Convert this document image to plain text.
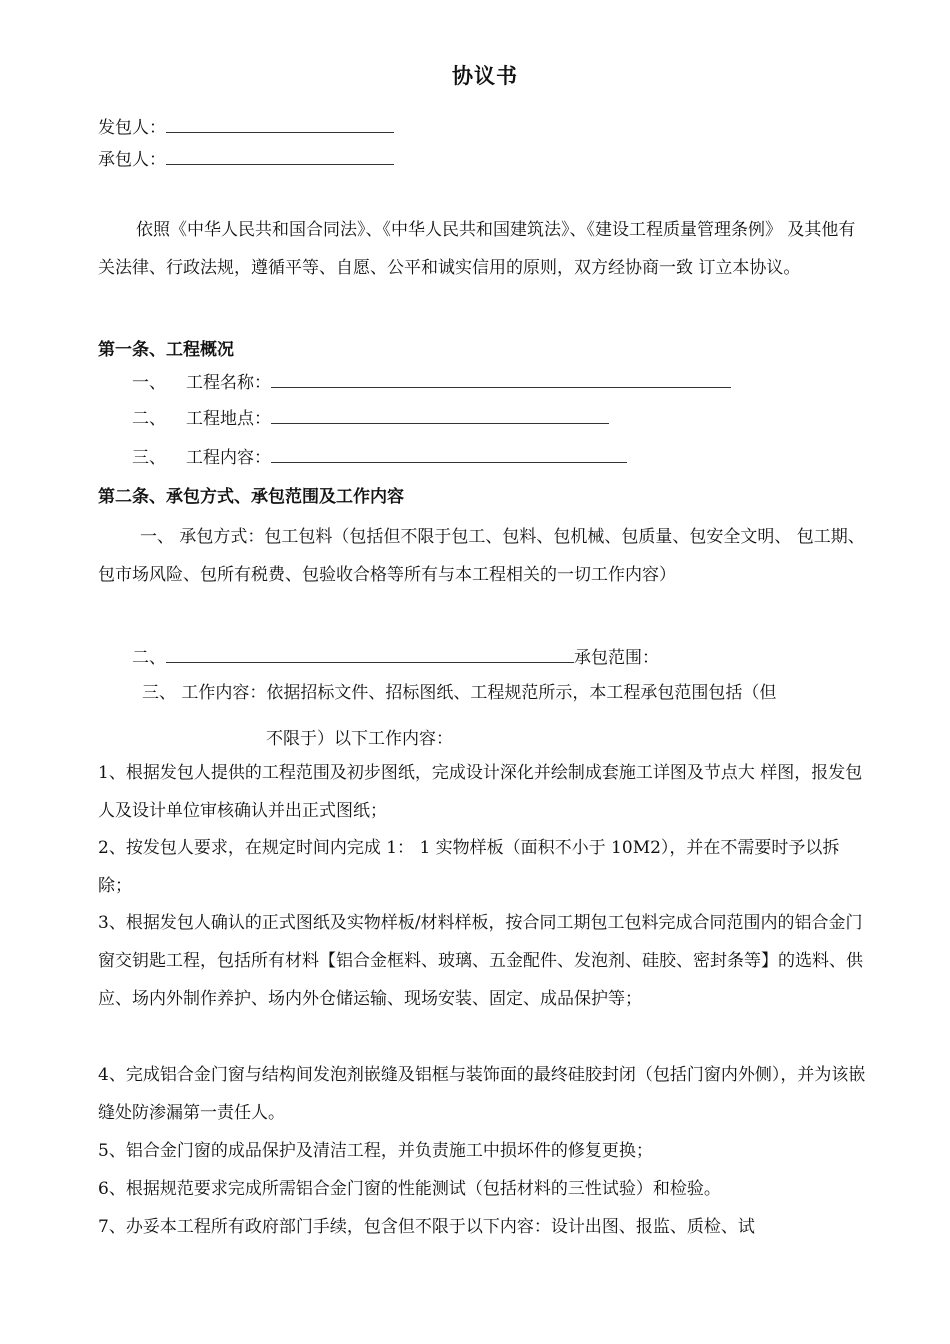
协议书
发包人：
承包人：
依照《中华人民共和国合同法》、《中华人民共和国建筑法》、《建设工程质量管理条例》 及其他有关法律、行政法规，遵循平等、自愿、公平和诚实信用的原则，双方经协商一致 订立本协议。
第一条、工程概况
一、 工程名称：
二、 工程地点：
三、 工程内容：
第二条、承包方式、承包范围及工作内容
一、 承包方式：包工包料（包括但不限于包工、包料、包机械、包质量、包安全文明、 包工期、包市场风险、包所有税费、包验收合格等所有与本工程相关的一切工作内容）
二、	承包范围：
三、 工作内容：依据招标文件、招标图纸、工程规范所示，本工程承包范围包括（但
不限于）以下工作内容：
1、根据发包人提供的工程范围及初步图纸，完成设计深化并绘制成套施工详图及节点大 样图，报发包人及设计单位审核确认并出正式图纸；
2、按发包人要求，在规定时间内完成 1： 1 实物样板（面积不小于 10M2），并在不需要时予以拆除；
3、根据发包人确认的正式图纸及实物样板/材料样板，按合同工期包工包料完成合同范围内的铝合金门窗交钥匙工程，包括所有材料【铝合金框料、玻璃、五金配件、发泡剂、硅胶、密封条等】的选料、供应、场内外制作养护、场内外仓储运输、现场安装、固定、成品保护等；
4、完成铝合金门窗与结构间发泡剂嵌缝及铝框与装饰面的最终硅胶封闭（包括门窗内外侧），并为该嵌缝处防渗漏第一责任人。
5、铝合金门窗的成品保护及清洁工程，并负责施工中损坏件的修复更换；
6、根据规范要求完成所需铝合金门窗的性能测试（包括材料的三性试验）和检验。
7、办妥本工程所有政府部门手续，包含但不限于以下内容：设计出图、报监、质检、试
